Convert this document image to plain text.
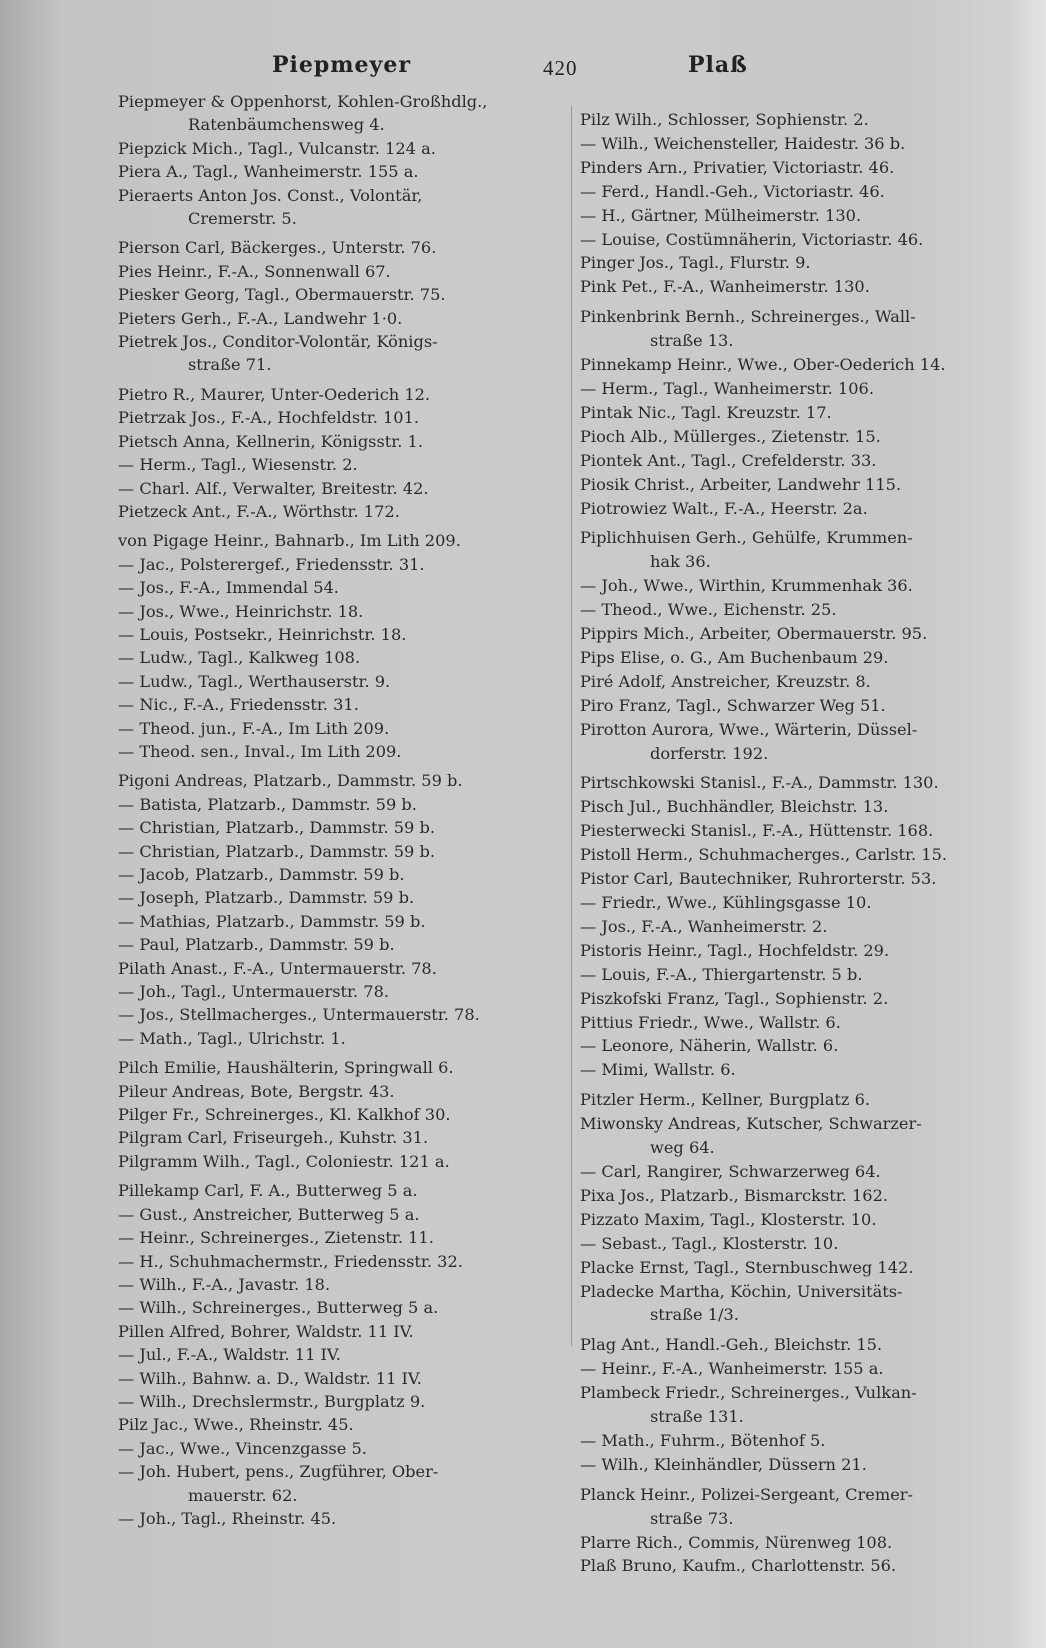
Piepmeyer	420	Plaß
Piepmeyer & Oppenhorst, Kohlen-Großhdlg.,
Ratenbäumchensweg 4.
Piepzick Mich., Tagl., Vulcanstr. 124 a.
Piera A., Tagl., Wanheimerstr. 155 a.
Pieraerts Anton Jos. Const., Volontär,
Cremerstr. 5.
Pierson Carl, Bäckerges., Unterstr. 76.
Pies Heinr., F.-A., Sonnenwall 67.
Piesker Georg, Tagl., Obermauerstr. 75.
Pieters Gerh., F.-A., Landwehr 1·0.
Pietrek Jos., Conditor-Volontär, Königs-
straße 71.
Pietro R., Maurer, Unter-Oederich 12.
Pietrzak Jos., F.-A., Hochfeldstr. 101.
Pietsch Anna, Kellnerin, Königsstr. 1.
— Herm., Tagl., Wiesenstr. 2.
— Charl. Alf., Verwalter, Breitestr. 42.
Pietzeck Ant., F.-A., Wörthstr. 172.
von Pigage Heinr., Bahnarb., Im Lith 209.
— Jac., Polsterergef., Friedensstr. 31.
— Jos., F.-A., Immendal 54.
— Jos., Wwe., Heinrichstr. 18.
— Louis, Postsekr., Heinrichstr. 18.
— Ludw., Tagl., Kalkweg 108.
— Ludw., Tagl., Werthauserstr. 9.
— Nic., F.-A., Friedensstr. 31.
— Theod. jun., F.-A., Im Lith 209.
— Theod. sen., Inval., Im Lith 209.
Pigoni Andreas, Platzarb., Dammstr. 59 b.
— Batista, Platzarb., Dammstr. 59 b.
— Christian, Platzarb., Dammstr. 59 b.
— Christian, Platzarb., Dammstr. 59 b.
— Jacob, Platzarb., Dammstr. 59 b.
— Joseph, Platzarb., Dammstr. 59 b.
— Mathias, Platzarb., Dammstr. 59 b.
— Paul, Platzarb., Dammstr. 59 b.
Pilath Anast., F.-A., Untermauerstr. 78.
— Joh., Tagl., Untermauerstr. 78.
— Jos., Stellmacherges., Untermauerstr. 78.
— Math., Tagl., Ulrichstr. 1.
Pilch Emilie, Haushälterin, Springwall 6.
Pileur Andreas, Bote, Bergstr. 43.
Pilger Fr., Schreinerges., Kl. Kalkhof 30.
Pilgram Carl, Friseurgeh., Kuhstr. 31.
Pilgramm Wilh., Tagl., Coloniestr. 121 a.
Pillekamp Carl, F. A., Butterweg 5 a.
— Gust., Anstreicher, Butterweg 5 a.
— Heinr., Schreinerges., Zietenstr. 11.
— H., Schuhmachermstr., Friedensstr. 32.
— Wilh., F.-A., Javastr. 18.
— Wilh., Schreinerges., Butterweg 5 a.
Pillen Alfred, Bohrer, Waldstr. 11 IV.
— Jul., F.-A., Waldstr. 11 IV.
— Wilh., Bahnw. a. D., Waldstr. 11 IV.
— Wilh., Drechslermstr., Burgplatz 9.
Pilz Jac., Wwe., Rheinstr. 45.
— Jac., Wwe., Vincenzgasse 5.
— Joh. Hubert, pens., Zugführer, Ober-
mauerstr. 62.
— Joh., Tagl., Rheinstr. 45.
Pilz Wilh., Schlosser, Sophienstr. 2.
— Wilh., Weichensteller, Haidestr. 36 b.
Pinders Arn., Privatier, Victoriastr. 46.
— Ferd., Handl.-Geh., Victoriastr. 46.
— H., Gärtner, Mülheimerstr. 130.
— Louise, Costümnäherin, Victoriastr. 46.
Pinger Jos., Tagl., Flurstr. 9.
Pink Pet., F.-A., Wanheimerstr. 130.
Pinkenbrink Bernh., Schreinerges., Wall-
straße 13.
Pinnekamp Heinr., Wwe., Ober-Oederich 14.
— Herm., Tagl., Wanheimerstr. 106.
Pintak Nic., Tagl. Kreuzstr. 17.
Pioch Alb., Müllerges., Zietenstr. 15.
Piontek Ant., Tagl., Crefelderstr. 33.
Piosik Christ., Arbeiter, Landwehr 115.
Piotrowiez Walt., F.-A., Heerstr. 2a.
Piplichhuisen Gerh., Gehülfe, Krummen-
hak 36.
— Joh., Wwe., Wirthin, Krummenhak 36.
— Theod., Wwe., Eichenstr. 25.
Pippirs Mich., Arbeiter, Obermauerstr. 95.
Pips Elise, o. G., Am Buchenbaum 29.
Piré Adolf, Anstreicher, Kreuzstr. 8.
Piro Franz, Tagl., Schwarzer Weg 51.
Pirotton Aurora, Wwe., Wärterin, Düssel-
dorferstr. 192.
Pirtschkowski Stanisl., F.-A., Dammstr. 130.
Pisch Jul., Buchhändler, Bleichstr. 13.
Piesterwecki Stanisl., F.-A., Hüttenstr. 168.
Pistoll Herm., Schuhmacherges., Carlstr. 15.
Pistor Carl, Bautechniker, Ruhrorterstr. 53.
— Friedr., Wwe., Kühlingsgasse 10.
— Jos., F.-A., Wanheimerstr. 2.
Pistoris Heinr., Tagl., Hochfeldstr. 29.
— Louis, F.-A., Thiergartenstr. 5 b.
Piszkofski Franz, Tagl., Sophienstr. 2.
Pittius Friedr., Wwe., Wallstr. 6.
— Leonore, Näherin, Wallstr. 6.
— Mimi, Wallstr. 6.
Pitzler Herm., Kellner, Burgplatz 6.
Miwonsky Andreas, Kutscher, Schwarzer-
weg 64.
— Carl, Rangirer, Schwarzerweg 64.
Pixa Jos., Platzarb., Bismarckstr. 162.
Pizzato Maxim, Tagl., Klosterstr. 10.
— Sebast., Tagl., Klosterstr. 10.
Placke Ernst, Tagl., Sternbuschweg 142.
Pladecke Martha, Köchin, Universitäts-
straße 1/3.
Plag Ant., Handl.-Geh., Bleichstr. 15.
— Heinr., F.-A., Wanheimerstr. 155 a.
Plambeck Friedr., Schreinerges., Vulkan-
straße 131.
— Math., Fuhrm., Bötenhof 5.
— Wilh., Kleinhändler, Düssern 21.
Planck Heinr., Polizei-Sergeant, Cremer-
straße 73.
Plarre Rich., Commis, Nürenweg 108.
Plaß Bruno, Kaufm., Charlottenstr. 56.
